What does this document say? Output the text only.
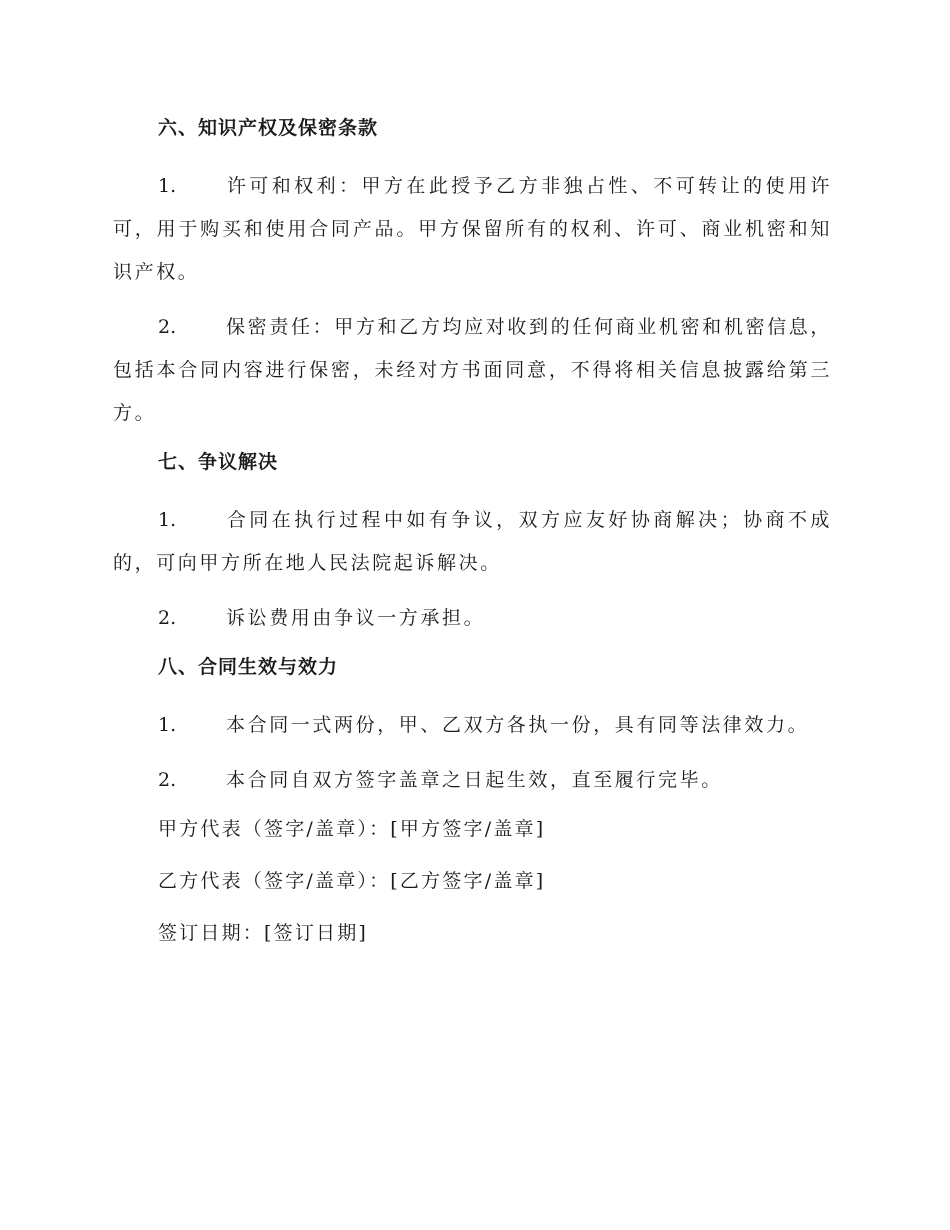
六、知识产权及保密条款

1.	许可和权利：甲方在此授予乙方非独占性、不可转让的使用许可，用于购买和使用合同产品。甲方保留所有的权利、许可、商业机密和知识产权。

2.	保密责任：甲方和乙方均应对收到的任何商业机密和机密信息，包括本合同内容进行保密，未经对方书面同意，不得将相关信息披露给第三方。

七、争议解决

1.	合同在执行过程中如有争议，双方应友好协商解决；协商不成的，可向甲方所在地人民法院起诉解决。

2.	诉讼费用由争议一方承担。

八、合同生效与效力

1.	本合同一式两份，甲、乙双方各执一份，具有同等法律效力。

2.	本合同自双方签字盖章之日起生效，直至履行完毕。

甲方代表（签字/盖章）：[甲方签字/盖章]

乙方代表（签字/盖章）：[乙方签字/盖章]

签订日期：[签订日期]
